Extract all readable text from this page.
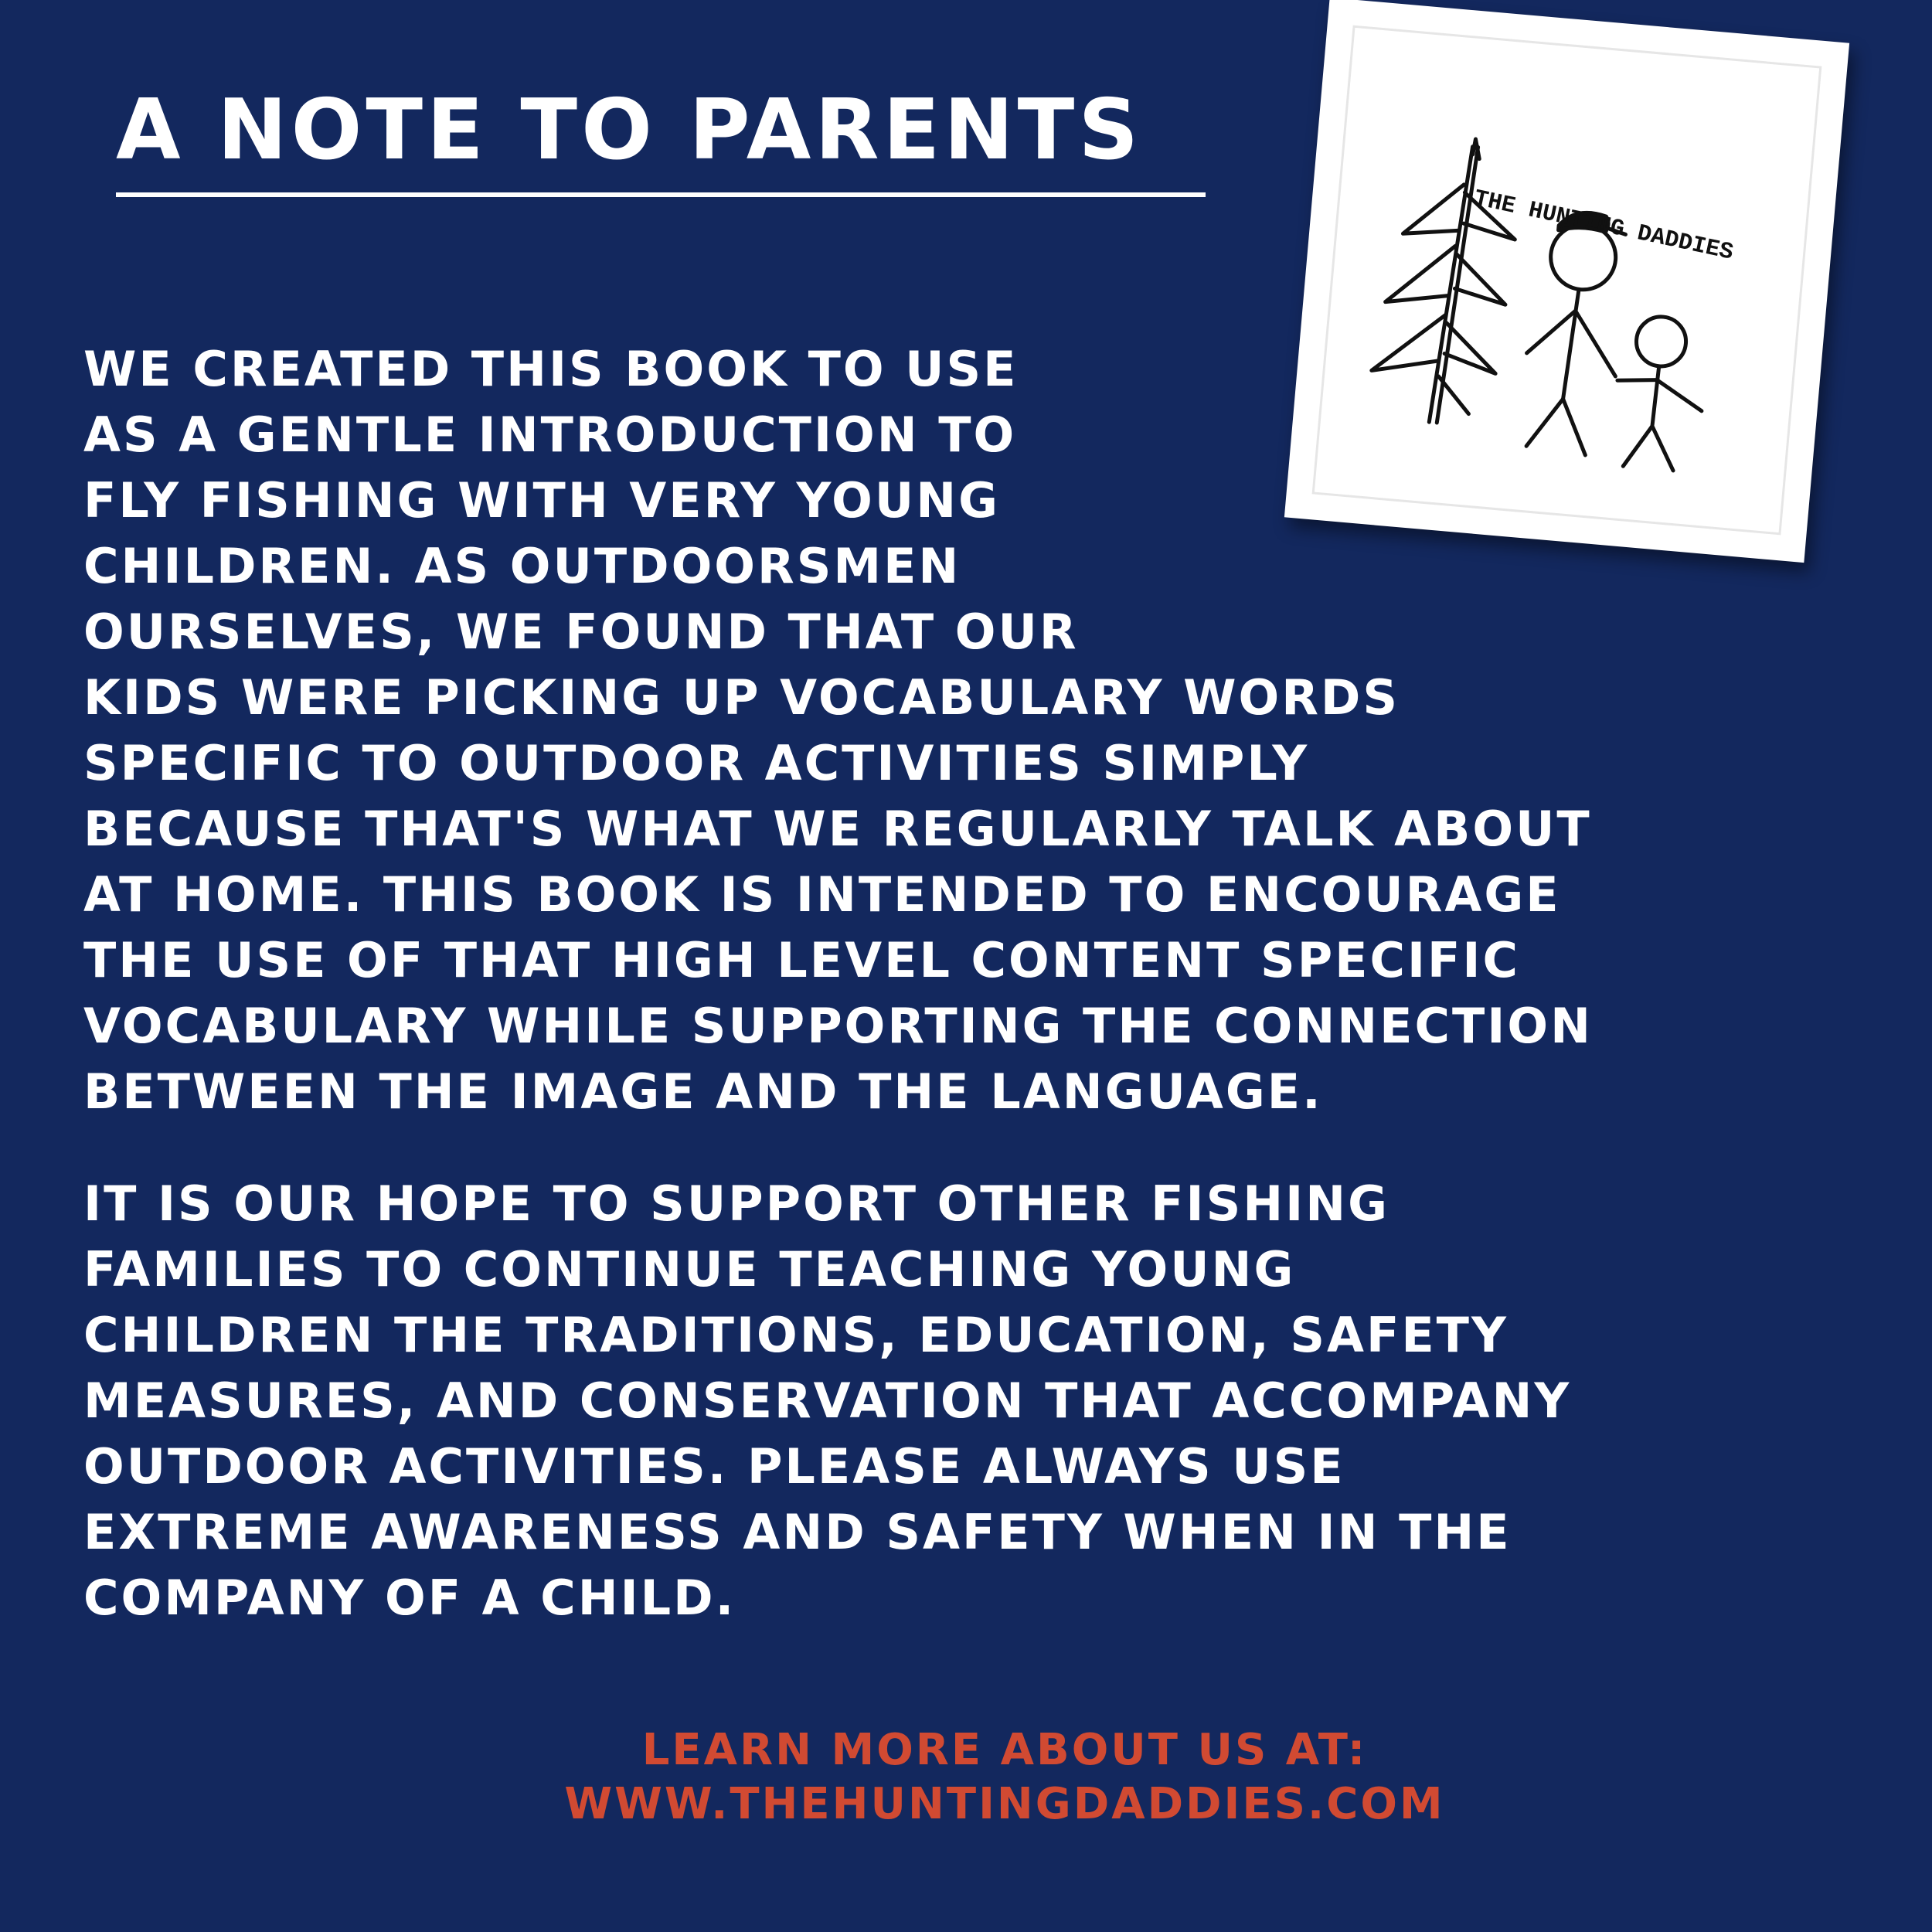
A NOTE TO PARENTS
THE HUNTING DADDIES
WE CREATED THIS BOOK TO USE
AS A GENTLE INTRODUCTION TO
FLY FISHING WITH VERY YOUNG
CHILDREN. AS OUTDOORSMEN
OURSELVES, WE FOUND THAT OUR
KIDS WERE PICKING UP VOCABULARY WORDS
SPECIFIC TO OUTDOOR ACTIVITIES SIMPLY
BECAUSE THAT'S WHAT WE REGULARLY TALK ABOUT
AT HOME. THIS BOOK IS INTENDED TO ENCOURAGE
THE USE OF THAT HIGH LEVEL CONTENT SPECIFIC
VOCABULARY WHILE SUPPORTING THE CONNECTION
BETWEEN THE IMAGE AND THE LANGUAGE.
IT IS OUR HOPE TO SUPPORT OTHER FISHING
FAMILIES TO CONTINUE TEACHING YOUNG
CHILDREN THE TRADITIONS, EDUCATION, SAFETY
MEASURES, AND CONSERVATION THAT ACCOMPANY
OUTDOOR ACTIVITIES. PLEASE ALWAYS USE
EXTREME AWARENESS AND SAFETY WHEN IN THE
COMPANY OF A CHILD.
LEARN MORE ABOUT US AT:
WWW.THEHUNTINGDADDIES.COM
